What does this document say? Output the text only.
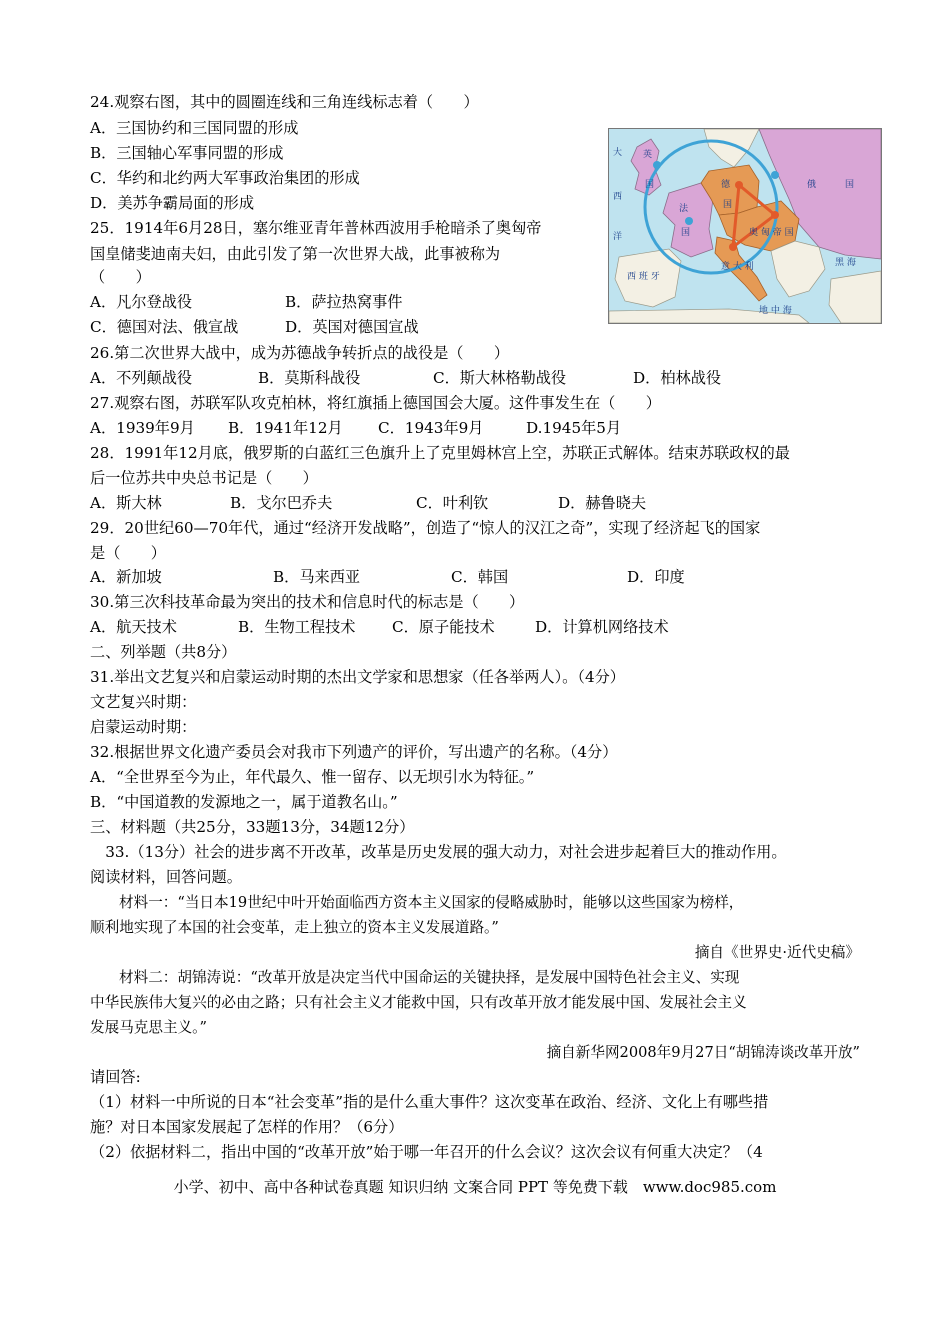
24.观察右图，其中的圆圈连线和三角连线标志着（　　）
A．三国协约和三国同盟的形成
B．三国轴心军事同盟的形成
C．华约和北约两大军事政治集团的形成
D．美苏争霸局面的形成
大
西
洋
英
国
法
国
德
国
俄	国
奥 匈 帝 国
意 大 利
西 班 牙
地 中 海
黑 海
25．1914年6月28日，塞尔维亚青年普林西波用手枪暗杀了奥匈帝
国皇储斐迪南夫妇，由此引发了第一次世界大战，此事被称为
（　　）
A．凡尔登战役	B．萨拉热窝事件
C．德国对法、俄宣战	D．英国对德国宣战
26.第二次世界大战中，成为苏德战争转折点的战役是（　　）
A．不列颠战役	B．莫斯科战役	C．斯大林格勒战役	D．柏林战役
27.观察右图，苏联军队攻克柏林，将红旗插上德国国会大厦。这件事发生在（　　）
A．1939年9月 B．1941年12月 C．1943年9月	D.1945年5月
28．1991年12月底，俄罗斯的白蓝红三色旗升上了克里姆林宫上空，苏联正式解体。结束苏联政权的最
后一位苏共中央总书记是（　　）
A．斯大林	B．戈尔巴乔夫	C．叶利钦	D．赫鲁晓夫
29．20世纪60—70年代，通过“经济开发战略”，创造了“惊人的汉江之奇”，实现了经济起飞的国家
是（　　）
A．新加坡	B．马来西亚	C．韩国	D．印度
30.第三次科技革命最为突出的技术和信息时代的标志是（　　）
A．航天技术	B．生物工程技术 C．原子能技术	D．计算机网络技术
二、列举题（共8分）
31.举出文艺复兴和启蒙运动时期的杰出文学家和思想家（任各举两人）。（4分）
文艺复兴时期：
启蒙运动时期：
32.根据世界文化遗产委员会对我市下列遗产的评价，写出遗产的名称。（4分）
A．“全世界至今为止，年代最久、惟一留存、以无坝引水为特征。”
B．“中国道教的发源地之一，属于道教名山。”
三、材料题（共25分，33题13分，34题12分）
　33.（13分）社会的进步离不开改革，改革是历史发展的强大动力，对社会进步起着巨大的推动作用。
阅读材料，回答问题。
材料一：“当日本19世纪中叶开始面临西方资本主义国家的侵略威胁时，能够以这些国家为榜样，
顺利地实现了本国的社会变革，走上独立的资本主义发展道路。”
摘自《世界史·近代史稿》
材料二：胡锦涛说：“改革开放是决定当代中国命运的关键抉择，是发展中国特色社会主义、实现
中华民族伟大复兴的必由之路；只有社会主义才能救中国，只有改革开放才能发展中国、发展社会主义
发展马克思主义。”
摘自新华网2008年9月27日“胡锦涛谈改革开放”
请回答:
（1）材料一中所说的日本“社会变革”指的是什么重大事件？这次变革在政治、经济、文化上有哪些措
施？对日本国家发展起了怎样的作用？（6分）
（2）依据材料二，指出中国的“改革开放”始于哪一年召开的什么会议？这次会议有何重大决定？（4
小学、初中、高中各种试卷真题 知识归纳 文案合同 PPT 等免费下载　www.doc985.com
